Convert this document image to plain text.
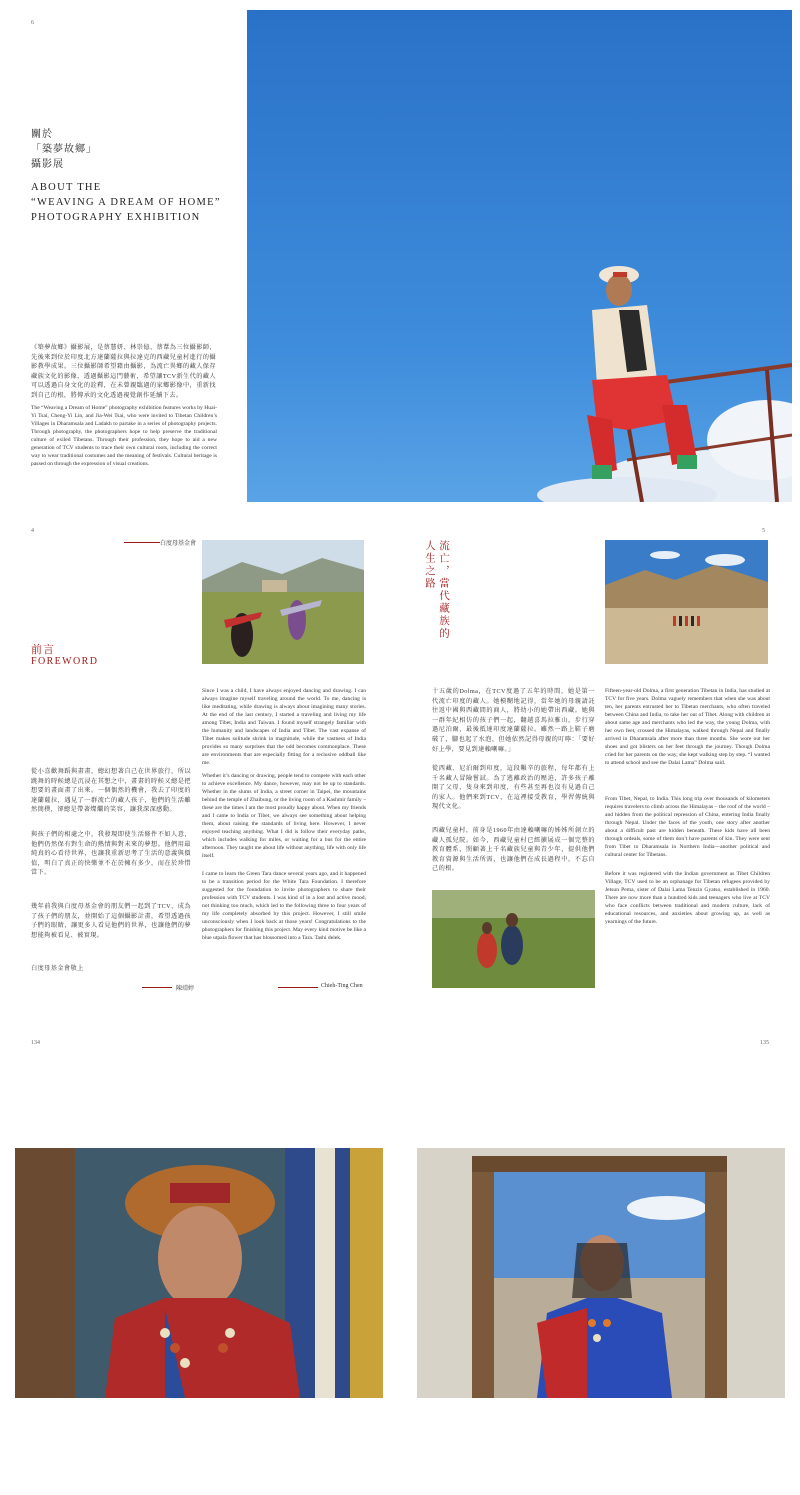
6
關於
「築夢故鄉」
攝影展
ABOUT THE
“WEAVING A DREAM OF HOME”
PHOTOGRAPHY EXHIBITION
《築夢故鄉》攝影展，是蔡慧妍、林崇億、蔡葦為三位攝影師，先後來到位於印度北方達蘭薩拉與拉達克的西藏兒童村進行的攝影教學成果。三位攝影師希望藉由攝影，為流亡異鄉的藏人保存藏族文化的影像，透過攝影這門藝術，希望讓TCV新生代的藏人可以透過自身文化的詮釋，在未曾親臨過的家鄉影像中，重新找到自己的根，將傳承的文化透過視覺創作延續下去。
The “Weaving a Dream of Home” photography exhibition features works by Huai-Yi Tsai, Cheng-Yi Lin, and Jia-Wei Tsai, who were invited to Tibetan Children’s Villages in Dharamsala and Ladakh to partake in a series of photography projects. Through photography, the photographers hope to help preserve the traditional culture of exiled Tibetans. Through their profession, they hope to aid a new generation of TCV students to trace their own cultural roots, including the correct way to wear traditional costumes and the meaning of festivals. Cultural heritage is passed on through the expression of visual creations.
4	5
白度母基金會
前言
FOREWORD
從小喜歡舞蹈與畫畫，總幻想著自己在世界旅行，所以跳舞的時候總是沉浸在其想之中，畫畫的時候又總是把想要的畫面畫了出來。一個偶然的機會，我去了印度的達蘭薩拉，遇見了一群流亡的藏人孩子，他們的生活雖然簡樸，卻總是帶著燦爛的笑容，讓我深深感動。
與孩子們的相處之中，我發現即使生活條件不如人意，他們仍然保有對生命的熱情與對未來的夢想。他們用最純真的心看待世界，也讓我重新思考了生活的意義與價值，明白了真正的快樂並不在於擁有多少，而在於珍惜當下。
幾年前我與白度母基金會的朋友們一起到了TCV，成為了孩子們的朋友，並開始了這個攝影計畫，希望透過孩子們的眼睛，讓更多人看見他們的世界，也讓他們的夢想能夠被看見、被實現。
白度母基金會敬上
陳靖婷
Since I was a child, I have always enjoyed dancing and drawing. I can always imagine myself traveling around the world. To me, dancing is like meditating, while drawing is always about imagining many stories. At the end of the last century, I started a traveling and living my life among Tibet, India and Taiwan. I found myself strangely familiar with the humanity and landscapes of India and Tibet. The vast expanse of Tibet makes solitude shrink in magnitude, while the vastness of India provides so many surprises that the odd becomes commonplace. These are environments that are especially fitting for a reclusive oddball like me.
Whether it’s dancing or drawing, people tend to compete with each other to achieve excellence. My dance, however, may not be up to standards. Whether in the slums of India, a street corner in Taipei, the mountains behind the temple of Zhaibung, or the living room of a Kashmir family – these are the times I am the most proudly happy about. When my friends and I came to India or Tibet, we always see something about helping them, about raising the standards of living here. However, I never enjoyed teaching anything. What I did is follow their everyday paths, which includes walking for miles, or waiting for a bus for the entire afternoon. They taught me about life without anything, life with only life itself.
I came to learn the Green Tara dance several years ago, and it happened to be a transition period for the White Tara Foundation. I therefore suggested for the foundation to invite photographers to share their profession with TCV students. I was kind of in a lost and active mood, not thinking too much, which led to the following three to four years of my life completely absorbed by this project. However, I still smile unconsciously when I look back at those years! Congratulations to the photographers for finishing this project. May every kind motive be like a blue utpala flower that has blossomed into a Tara. Tashi delek.
Chieh-Ting Chen
流亡，當代藏族的人生之路
十五歲的Dolma，在TCV度過了五年的時間，她是第一代流亡印度的藏人。她模糊地記得，當年她的母親請託往返中國與西藏間的商人，將幼小的她帶出西藏。她與一群年紀相仿的孩子們一起，翻越喜馬拉雅山，步行穿過尼泊爾，最後抵達印度達蘭薩拉。雖然一路上鞋子磨破了，腳也起了水泡，但她依然記得母親的叮嚀：「要好好上學，要見到達賴喇嘛。」
從西藏、尼泊爾到印度，這段艱辛的旅程，每年都有上千名藏人冒險嘗試。為了逃離政治的壓迫，許多孩子離開了父母，隻身來到印度，有些甚至再也沒有見過自己的家人。他們來到TCV，在這裡接受教育，學習傳統與現代文化。
西藏兒童村，前身是1960年由達賴喇嘛的姊姊所創立的藏人孤兒院。如今，西藏兒童村已經擴展成一個完整的教育體系，照顧著上千名藏族兒童與青少年，提供他們教育資源與生活所需，也讓他們在成長過程中，不忘自己的根。
Fifteen-year-old Dolma, a first generation Tibetan in India, has studied at TCV for five years. Dolma vaguely remembers that when she was about ten, her parents entrusted her to Tibetan merchants, who often traveled between China and India, to take her out of Tibet. Along with children at about same age and merchants who led the way, the young Dolma, with her own feet, crossed the Himalayas, walked through Nepal and finally arrived in Dharamsala after more than three months. She wore out her shoes and got blisters on her feet through the journey. Though Dolma cried for her parents on the way, she kept walking step by step. “I wanted to attend school and see the Dalai Lama” Dolma said.
From Tibet, Nepal, to India. This long trip over thousands of kilometers requires travelers to climb across the Himalayas – the roof of the world – and hidden from the political repression of China, entering India finally through Nepal. Under the faces of the youth, one story after another about a difficult past are hidden beneath. These kids have all been through ordeals, some of them don’t have parents of kin. They were sent from Tibet to Dharamsala in Northern India—another political and cultural center for Tibetans.
Before it was registered with the Indian government as Tibet Children Village, TCV used to be an orphanage for Tibetan refugees provided by Jetsun Pema, sister of Dalai Lama Tenzin Gyatso, established in 1960. There are now more than a hundred kids and teenagers who live at TCV who face conflicts between traditional and modern culture, lack of educational resources, and anxieties about growing up, as well as yearnings of the future.
134	135
